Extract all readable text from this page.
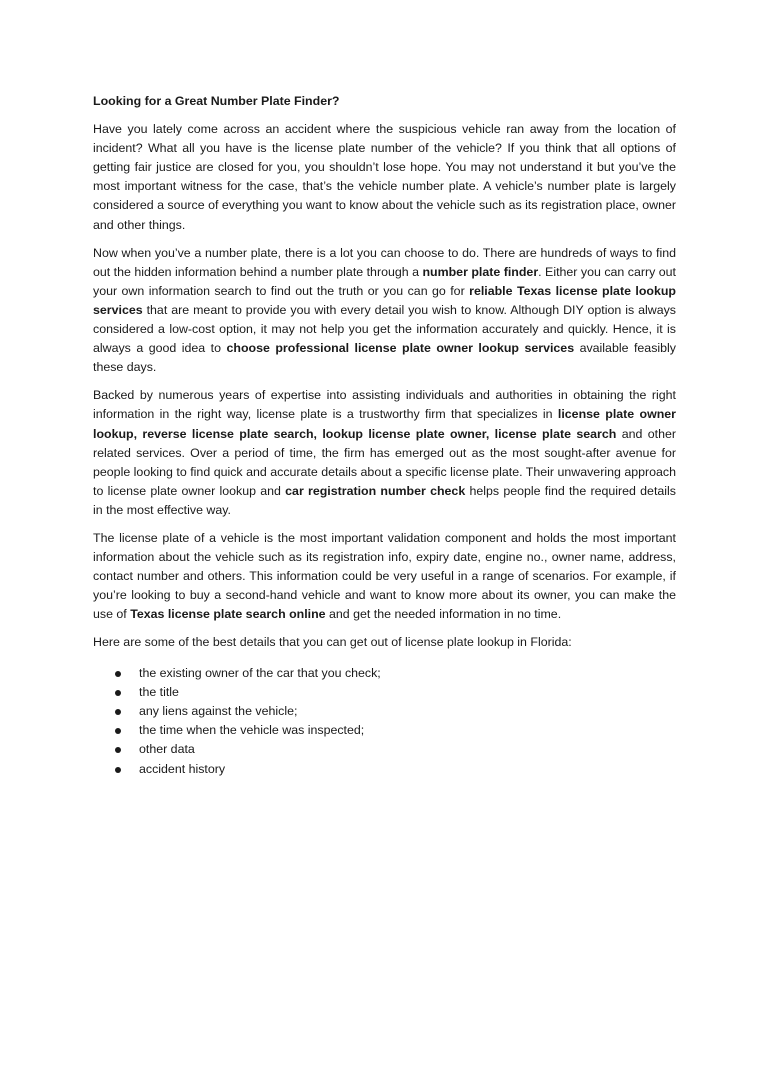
Looking for a Great Number Plate Finder?

Have you lately come across an accident where the suspicious vehicle ran away from the location of incident? What all you have is the license plate number of the vehicle? If you think that all options of getting fair justice are closed for you, you shouldn’t lose hope. You may not understand it but you’ve the most important witness for the case, that’s the vehicle number plate. A vehicle’s number plate is largely considered a source of everything you want to know about the vehicle such as its registration place, owner and other things.

Now when you’ve a number plate, there is a lot you can choose to do. There are hundreds of ways to find out the hidden information behind a number plate through a number plate finder. Either you can carry out your own information search to find out the truth or you can go for reliable Texas license plate lookup services that are meant to provide you with every detail you wish to know. Although DIY option is always considered a low-cost option, it may not help you get the information accurately and quickly. Hence, it is always a good idea to choose professional license plate owner lookup services available feasibly these days.

Backed by numerous years of expertise into assisting individuals and authorities in obtaining the right information in the right way, license plate is a trustworthy firm that specializes in license plate owner lookup, reverse license plate search, lookup license plate owner, license plate search and other related services. Over a period of time, the firm has emerged out as the most sought-after avenue for people looking to find quick and accurate details about a specific license plate. Their unwavering approach to license plate owner lookup and car registration number check helps people find the required details in the most effective way.

The license plate of a vehicle is the most important validation component and holds the most important information about the vehicle such as its registration info, expiry date, engine no., owner name, address, contact number and others. This information could be very useful in a range of scenarios. For example, if you’re looking to buy a second-hand vehicle and want to know more about its owner, you can make the use of Texas license plate search online and get the needed information in no time.

Here are some of the best details that you can get out of license plate lookup in Florida:

the existing owner of the car that you check;
the title
any liens against the vehicle;
the time when the vehicle was inspected;
other data
accident history
